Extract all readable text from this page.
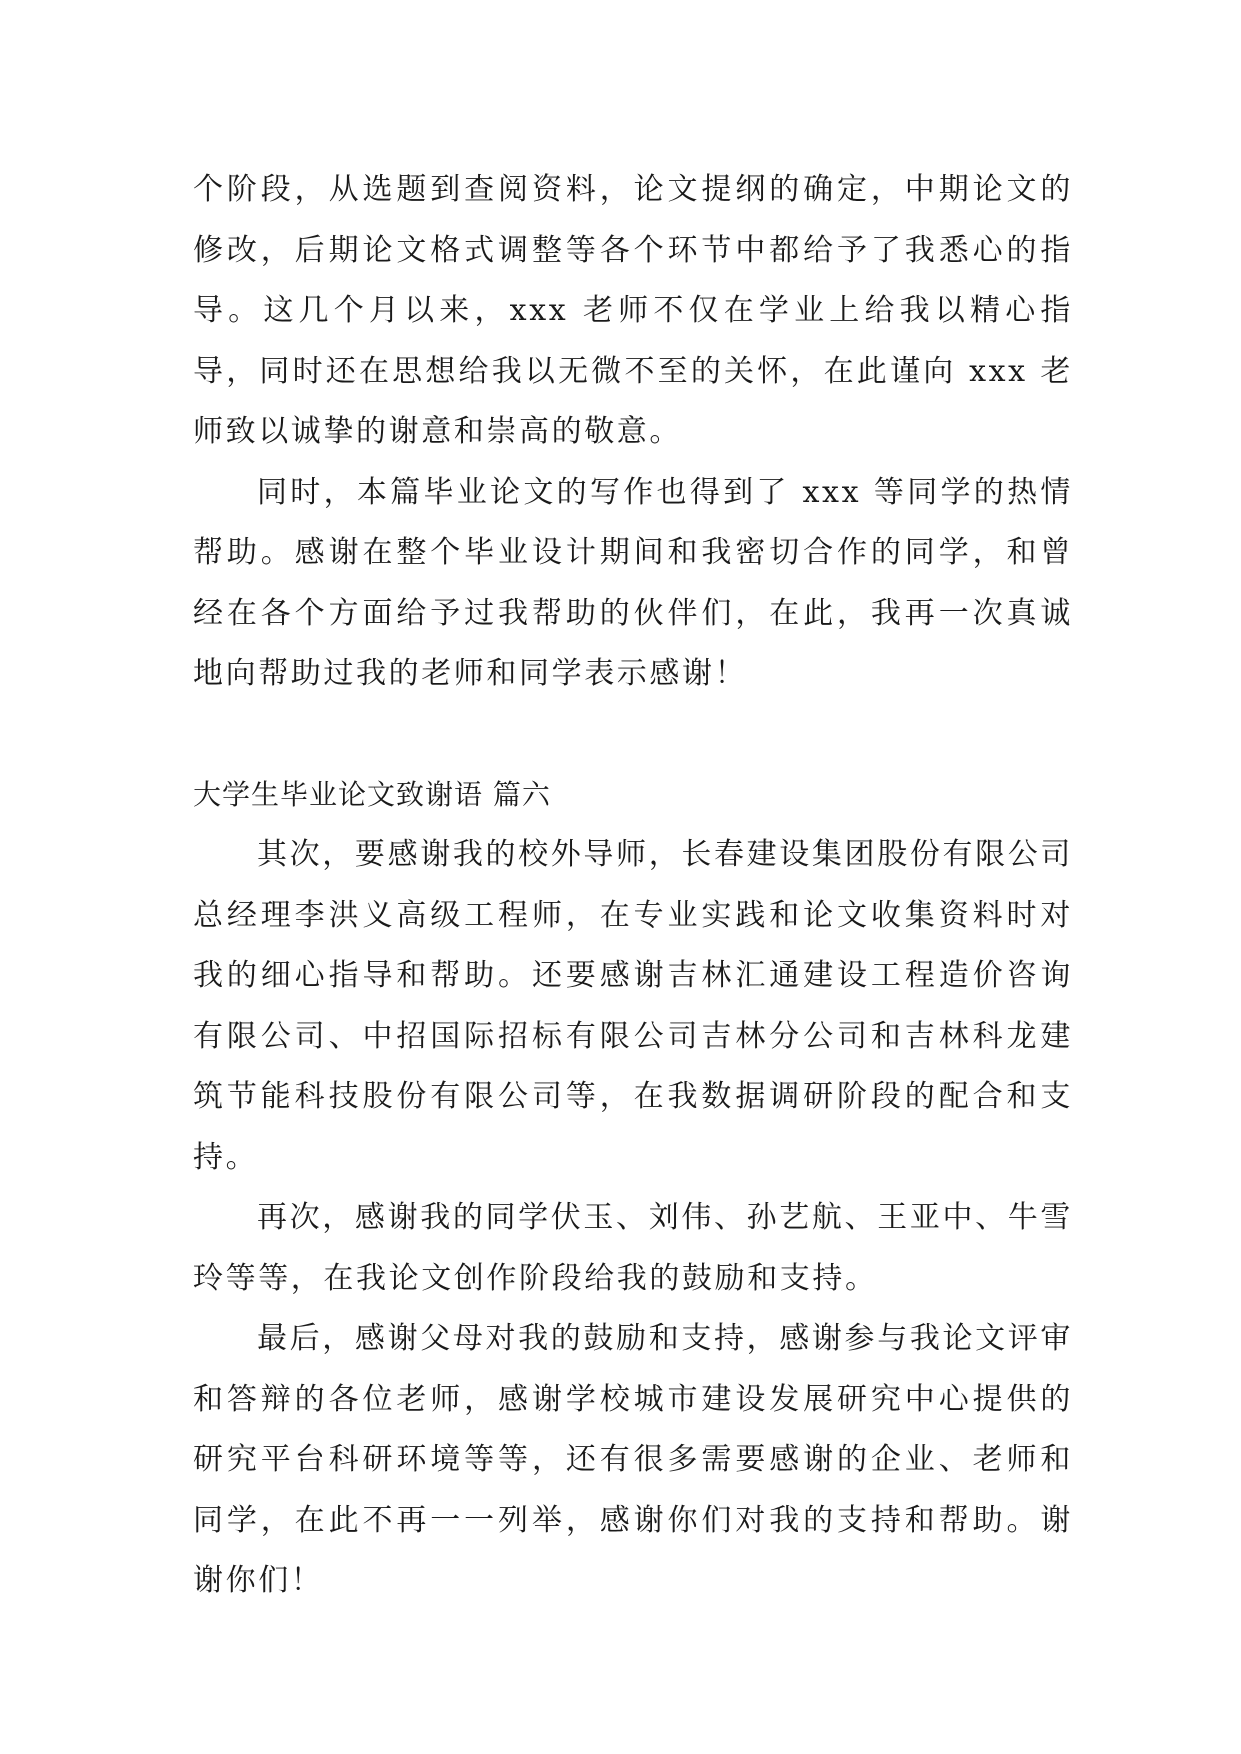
个阶段，从选题到查阅资料，论文提纲的确定，中期论文的修改，后期论文格式调整等各个环节中都给予了我悉心的指导。这几个月以来，xxx 老师不仅在学业上给我以精心指导，同时还在思想给我以无微不至的关怀，在此谨向 xxx 老师致以诚挚的谢意和崇高的敬意。

同时，本篇毕业论文的写作也得到了 xxx 等同学的热情帮助。感谢在整个毕业设计期间和我密切合作的同学，和曾经在各个方面给予过我帮助的伙伴们，在此，我再一次真诚地向帮助过我的老师和同学表示感谢！

大学生毕业论文致谢语 篇六

其次，要感谢我的校外导师，长春建设集团股份有限公司总经理李洪义高级工程师，在专业实践和论文收集资料时对我的细心指导和帮助。还要感谢吉林汇通建设工程造价咨询有限公司、中招国际招标有限公司吉林分公司和吉林科龙建筑节能科技股份有限公司等，在我数据调研阶段的配合和支持。

再次，感谢我的同学伏玉、刘伟、孙艺航、王亚中、牛雪玲等等，在我论文创作阶段给我的鼓励和支持。

最后，感谢父母对我的鼓励和支持，感谢参与我论文评审和答辩的各位老师，感谢学校城市建设发展研究中心提供的研究平台科研环境等等，还有很多需要感谢的企业、老师和同学，在此不再一一列举，感谢你们对我的支持和帮助。谢谢你们！
